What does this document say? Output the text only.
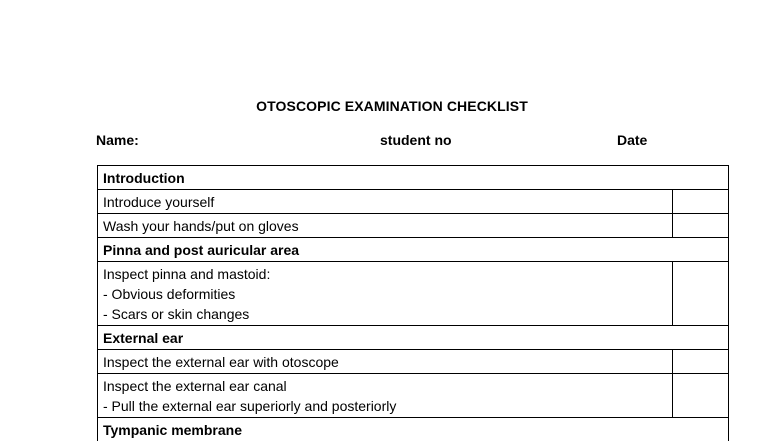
OTOSCOPIC EXAMINATION CHECKLIST
Name:	student no	Date
Introduction	
Introduce yourself	
Wash your hands/put on gloves	
Pinna and post auricular area	

Inspect pinna and mastoid:
- Obvious deformities
- Scars or skin changes	

External ear	
Inspect the external ear with otoscope	

Inspect the external ear canal
- Pull the external ear superiorly and posteriorly	

Tympanic membrane	
